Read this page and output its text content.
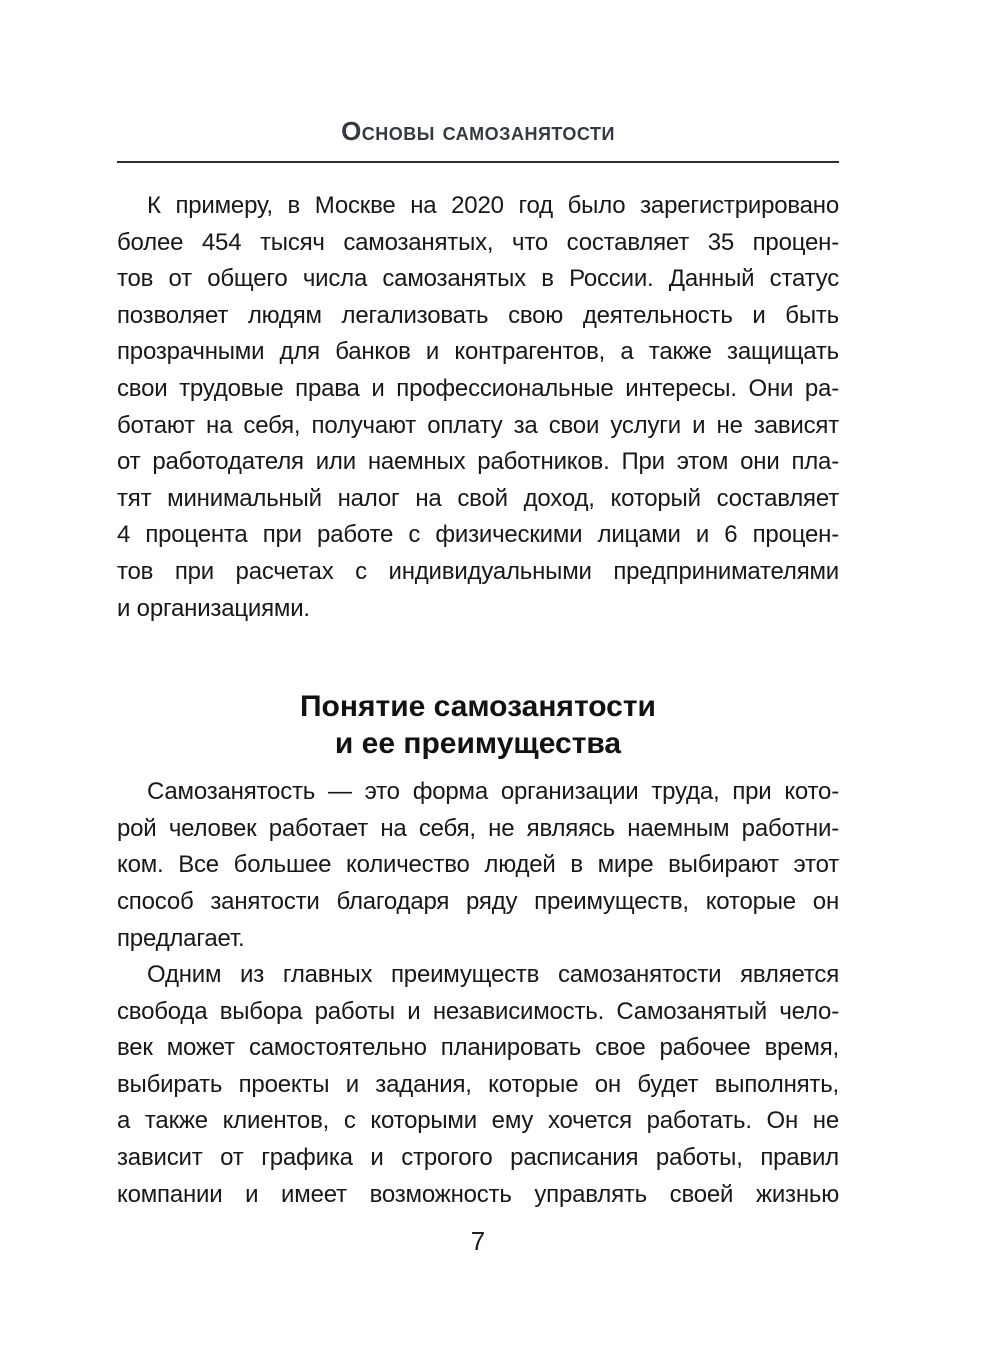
Основы самозанятости
К примеру, в Москве на 2020 год было зарегистрировано
более 454 тысяч самозанятых, что составляет 35 процен-
тов от общего числа самозанятых в России. Данный статус
позволяет людям легализовать свою деятельность и быть
прозрачными для банков и контрагентов, а также защищать
свои трудовые права и профессиональные интересы. Они ра-
ботают на себя, получают оплату за свои услуги и не зависят
от работодателя или наемных работников. При этом они пла-
тят минимальный налог на свой доход, который составляет
4 процента при работе с физическими лицами и 6 процен-
тов при расчетах с индивидуальными предпринимателями
и организациями.
Понятие самозанятости
и ее преимущества
Самозанятость — это форма организации труда, при кото-
рой человек работает на себя, не являясь наемным работни-
ком. Все большее количество людей в мире выбирают этот
способ занятости благодаря ряду преимуществ, которые он
предлагает.
Одним из главных преимуществ самозанятости является
свобода выбора работы и независимость. Самозанятый чело-
век может самостоятельно планировать свое рабочее время,
выбирать проекты и задания, которые он будет выполнять,
а также клиентов, с которыми ему хочется работать. Он не
зависит от графика и строгого расписания работы, правил
компании и имеет возможность управлять своей жизнью
7
